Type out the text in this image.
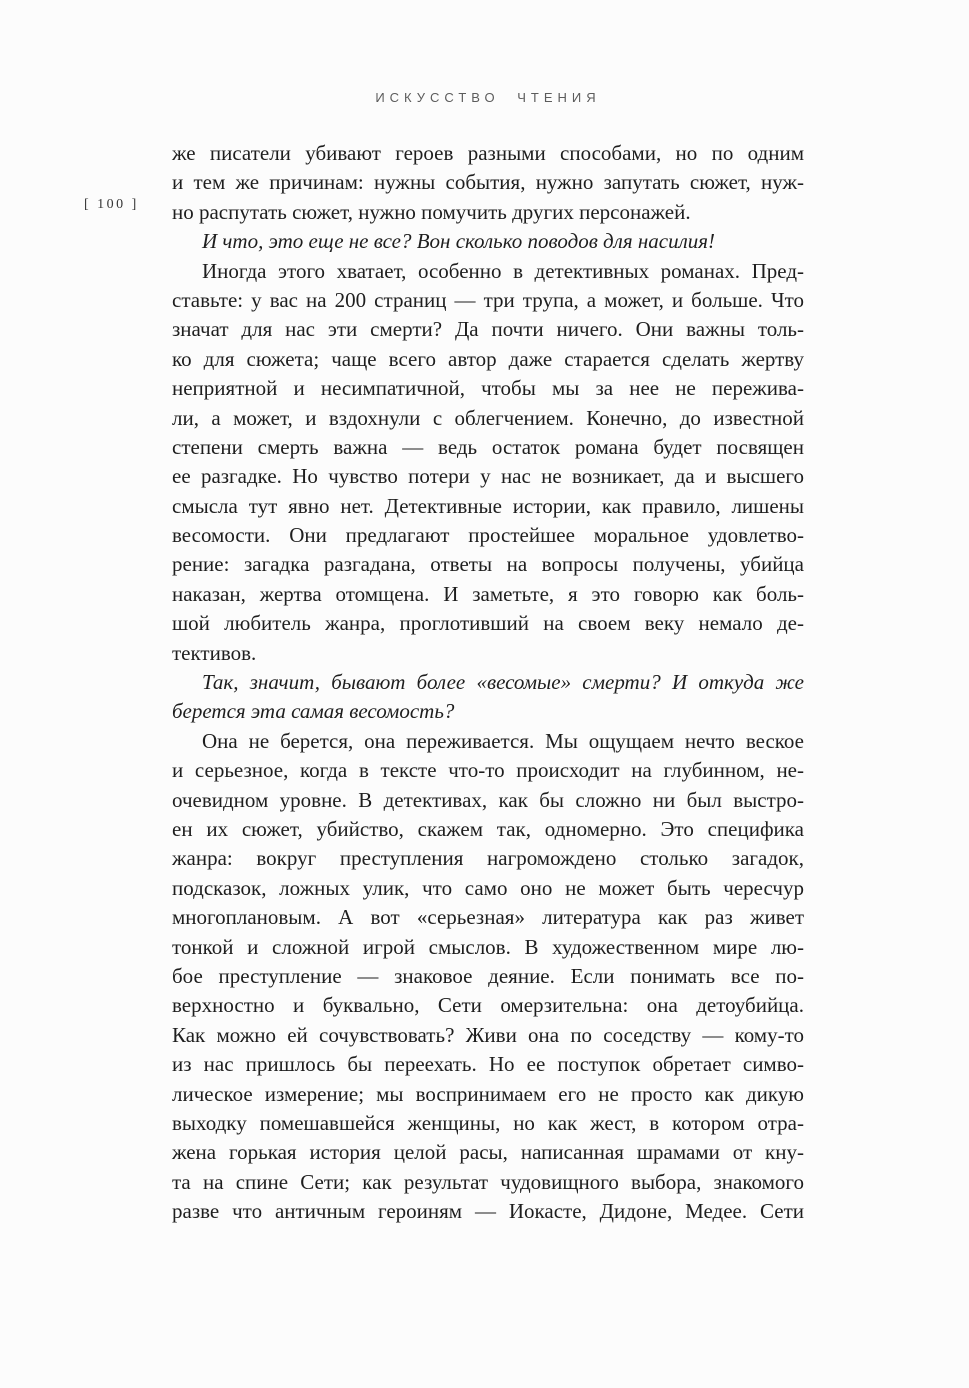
ИСКУССТВО ЧТЕНИЯ
[ 100 ]
же писатели убивают героев разными способами, но по одним
и тем же причинам: нужны события, нужно запутать сюжет, нуж-
но распутать сюжет, нужно помучить других персонажей.
И что, это еще не все? Вон сколько поводов для насилия!
Иногда этого хватает, особенно в детективных романах. Пред-
ставьте: у вас на 200 страниц — три трупа, а может, и больше. Что
значат для нас эти смерти? Да почти ничего. Они важны толь-
ко для сюжета; чаще всего автор даже старается сделать жертву
неприятной и несимпатичной, чтобы мы за нее не пережива-
ли, а может, и вздохнули с облегчением. Конечно, до известной
степени смерть важна — ведь остаток романа будет посвящен
ее разгадке. Но чувство потери у нас не возникает, да и высшего
смысла тут явно нет. Детективные истории, как правило, лишены
весомости. Они предлагают простейшее моральное удовлетво-
рение: загадка разгадана, ответы на вопросы получены, убийца
наказан, жертва отомщена. И заметьте, я это говорю как боль-
шой любитель жанра, проглотивший на своем веку немало де-
тективов.
Так, значит, бывают более «весомые» смерти? И откуда же
берется эта самая весомость?
Она не берется, она переживается. Мы ощущаем нечто веское
и серьезное, когда в тексте что-то происходит на глубинном, не-
очевидном уровне. В детективах, как бы сложно ни был выстро-
ен их сюжет, убийство, скажем так, одномерно. Это специфика
жанра: вокруг преступления нагромождено столько загадок,
подсказок, ложных улик, что само оно не может быть чересчур
многоплановым. А вот «серьезная» литература как раз живет
тонкой и сложной игрой смыслов. В художественном мире лю-
бое преступление — знаковое деяние. Если понимать все по-
верхностно и буквально, Сети омерзительна: она детоубийца.
Как можно ей сочувствовать? Живи она по соседству — кому-то
из нас пришлось бы переехать. Но ее поступок обретает симво-
лическое измерение; мы воспринимаем его не просто как дикую
выходку помешавшейся женщины, но как жест, в котором отра-
жена горькая история целой расы, написанная шрамами от кну-
та на спине Сети; как результат чудовищного выбора, знакомого
разве что античным героиням — Иокасте, Дидоне, Медее. Сети
